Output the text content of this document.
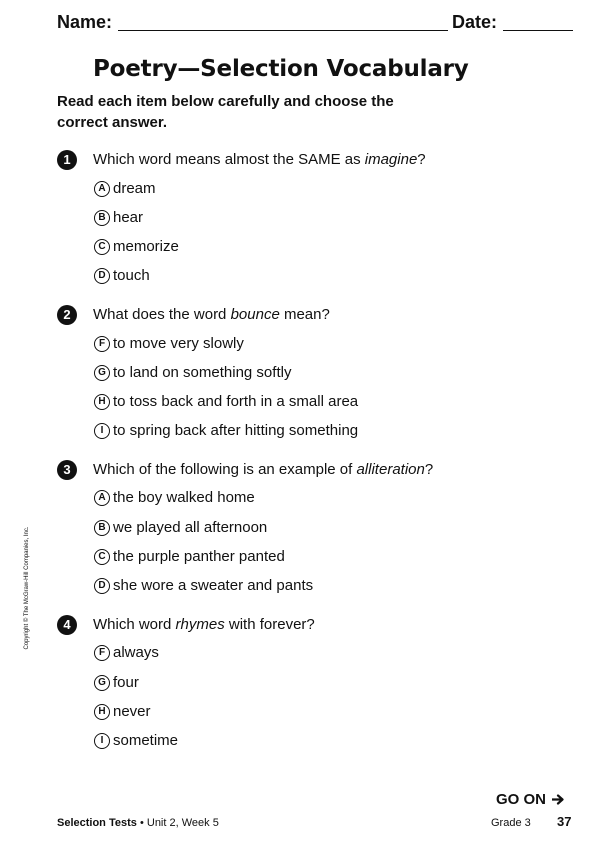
Name:	Date:
Poetry—Selection Vocabulary

Read each item below carefully and choose the correct answer.

1	Which word means almost the SAME as imagine?
A dream
B hear
C memorize
D touch
2	What does the word bounce mean?
F to move very slowly
G to land on something softly
H to toss back and forth in a small area
I to spring back after hitting something
3	Which of the following is an example of alliteration?
A the boy walked home
B we played all afternoon
C the purple panther panted
D she wore a sweater and pants
4	Which word rhymes with forever?
F always
G four
H never
I sometime
Copyright © The McGraw-Hill Companies, Inc.
GO ON
Selection Tests • Unit 2, Week 5	Grade 3 37
